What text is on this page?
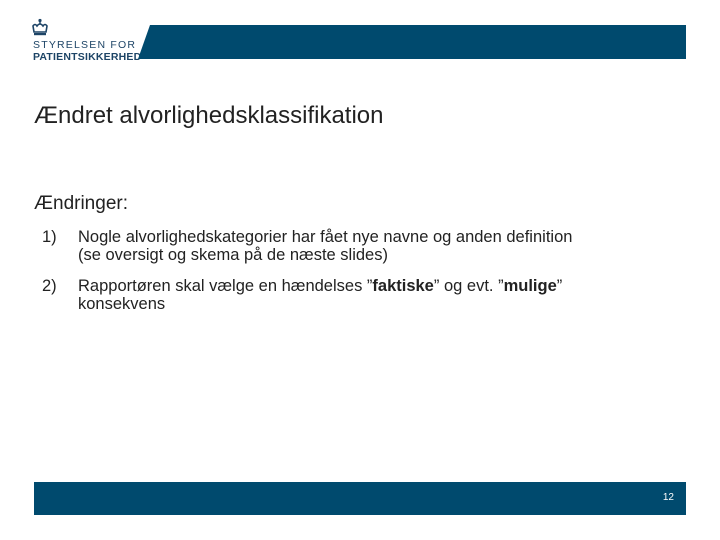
STYRELSEN FOR
PATIENTSIKKERHED
Ændret alvorlighedsklassifikation
Ændringer:
1) Nogle alvorlighedskategorier har fået nye navne og anden definition
(se oversigt og skema på de næste slides)
2) Rapportøren skal vælge en hændelses ”faktiske” og evt. ”mulige”
konsekvens
12
